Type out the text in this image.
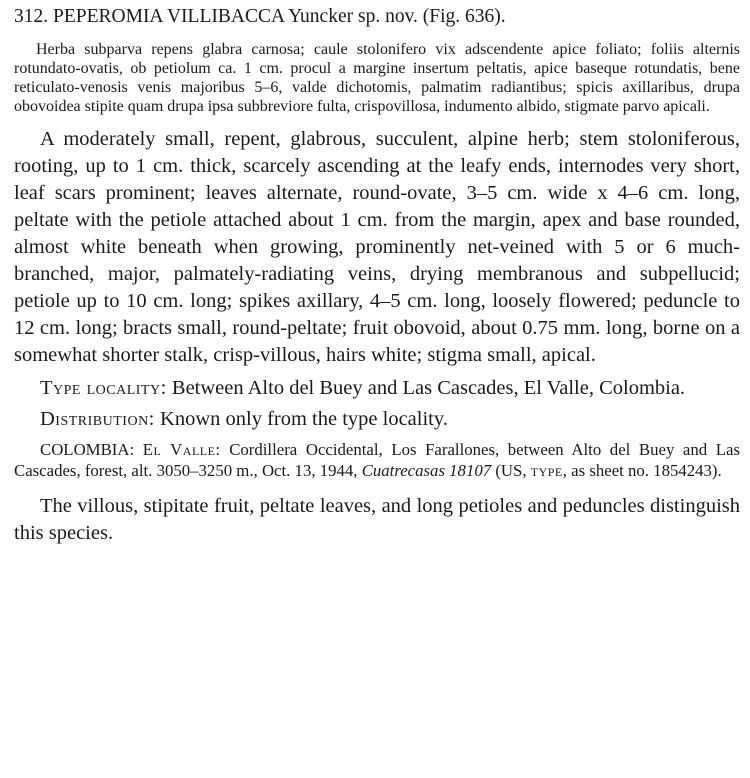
312. PEPEROMIA VILLIBACCA Yuncker sp. nov. (Fig. 636).

Herba subparva repens glabra carnosa; caule stolonifero vix adscendente apice foliato; foliis alternis rotundato-ovatis, ob petiolum ca. 1 cm. procul a margine insertum peltatis, apice baseque rotundatis, bene reticulato-venosis venis majoribus 5–6, valde dichotomis, palmatim radiantibus; spicis axillaribus, drupa obovoidea stipite quam drupa ipsa subbreviore fulta, crispovillosa, indumento albido, stigmate parvo apicali.

A moderately small, repent, glabrous, succulent, alpine herb; stem stoloniferous, rooting, up to 1 cm. thick, scarcely ascending at the leafy ends, internodes very short, leaf scars prominent; leaves alternate, round-ovate, 3–5 cm. wide x 4–6 cm. long, peltate with the petiole attached about 1 cm. from the margin, apex and base rounded, almost white beneath when growing, prominently net-veined with 5 or 6 much-branched, major, palmately-radiating veins, drying membranous and subpellucid; petiole up to 10 cm. long; spikes axillary, 4–5 cm. long, loosely flowered; peduncle to 12 cm. long; bracts small, round-peltate; fruit obovoid, about 0.75 mm. long, borne on a somewhat shorter stalk, crisp-villous, hairs white; stigma small, apical.

Type locality: Between Alto del Buey and Las Cascades, El Valle, Colombia.

Distribution: Known only from the type locality.

COLOMBIA: El Valle: Cordillera Occidental, Los Farallones, between Alto del Buey and Las Cascades, forest, alt. 3050–3250 m., Oct. 13, 1944, Cuatrecasas 18107 (US, type, as sheet no. 1854243).

The villous, stipitate fruit, peltate leaves, and long petioles and peduncles distinguish this species.
